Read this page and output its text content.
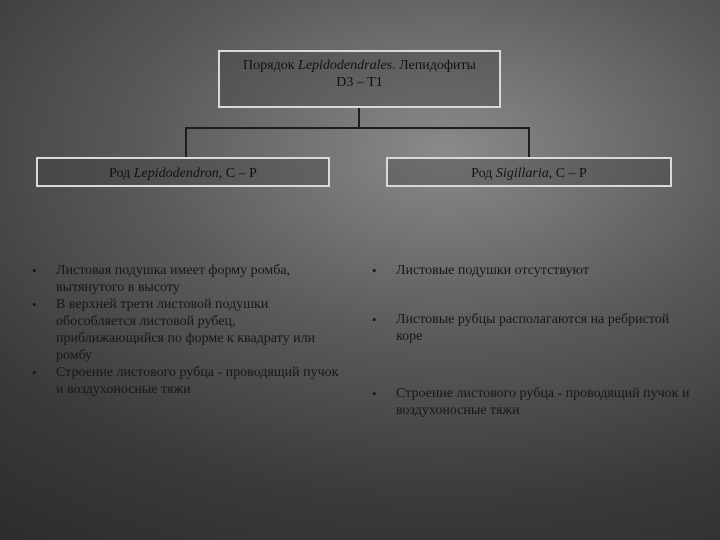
Порядок Lepidodendrales. Лепидофиты
D3 – T1
Род Lepidodendron, C – P	Род Sigillaria, C – P
• Листовая подушка имеет форму ромба, вытянутого в высоту
• В верхней трети листовой подушки обособляется листовой рубец, приближающийся по форме к квадрату или ромбу
• Строение листового рубца - проводящий пучок и воздухоносные тяжи
• Листовые подушки отсутствуют
• Листовые рубцы располагаются на ребристой коре
• Строение листового рубца - проводящий пучок и воздухоносные тяжи
